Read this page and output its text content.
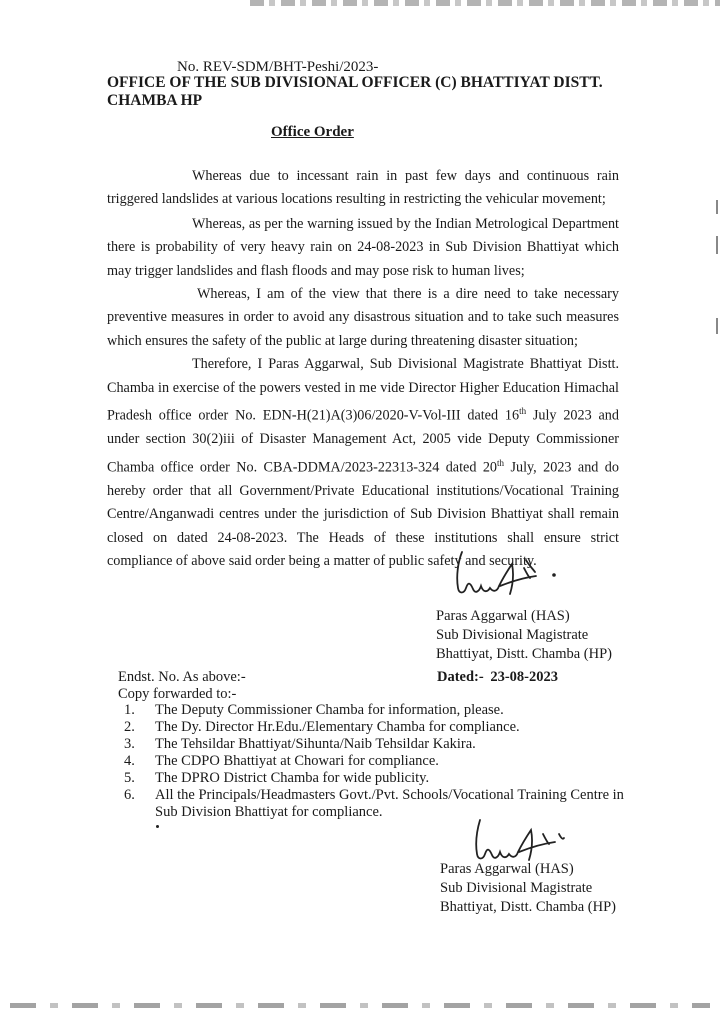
No. REV-SDM/BHT-Peshi/2023-
OFFICE OF THE SUB DIVISIONAL OFFICER (C) BHATTIYAT DISTT. CHAMBA HP
Office Order

Whereas due to incessant rain in past few days and continuous rain triggered landslides at various locations resulting in restricting the vehicular movement;

Whereas, as per the warning issued by the Indian Metrological Department there is probability of very heavy rain on 24-08-2023 in Sub Division Bhattiyat which may trigger landslides and flash floods and may pose risk to human lives;

Whereas, I am of the view that there is a dire need to take necessary preventive measures in order to avoid any disastrous situation and to take such measures which ensures the safety of the public at large during threatening disaster situation;

Therefore, I Paras Aggarwal, Sub Divisional Magistrate Bhattiyat Distt. Chamba in exercise of the powers vested in me vide Director Higher Education Himachal Pradesh office order No. EDN-H(21)A(3)06/2020-V-Vol-III dated 16th July 2023 and under section 30(2)iii of Disaster Management Act, 2005 vide Deputy Commissioner Chamba office order No. CBA-DDMA/2023-22313-324 dated 20th July, 2023 and do hereby order that all Government/Private Educational institutions/Vocational Training Centre/Anganwadi centres under the jurisdiction of Sub Division Bhattiyat shall remain closed on dated 24-08-2023. The Heads of these institutions shall ensure strict compliance of above said order being a matter of public safety and security.

Paras Aggarwal (HAS)
Sub Divisional Magistrate
Bhattiyat, Distt. Chamba (HP)
Endst. No. As above:-	Dated:- 23-08-2023
Copy forwarded to:-
1.	The Deputy Commissioner Chamba for information, please.
2.	The Dy. Director Hr.Edu./Elementary Chamba for compliance.
3.	The Tehsildar Bhattiyat/Sihunta/Naib Tehsildar Kakira.
4.	The CDPO Bhattiyat at Chowari for compliance.
5.	The DPRO District Chamba for wide publicity.
6.	All the Principals/Headmasters Govt./Pvt. Schools/Vocational Training Centre in Sub Division Bhattiyat for compliance.
Paras Aggarwal (HAS)
Sub Divisional Magistrate
Bhattiyat, Distt. Chamba (HP)
